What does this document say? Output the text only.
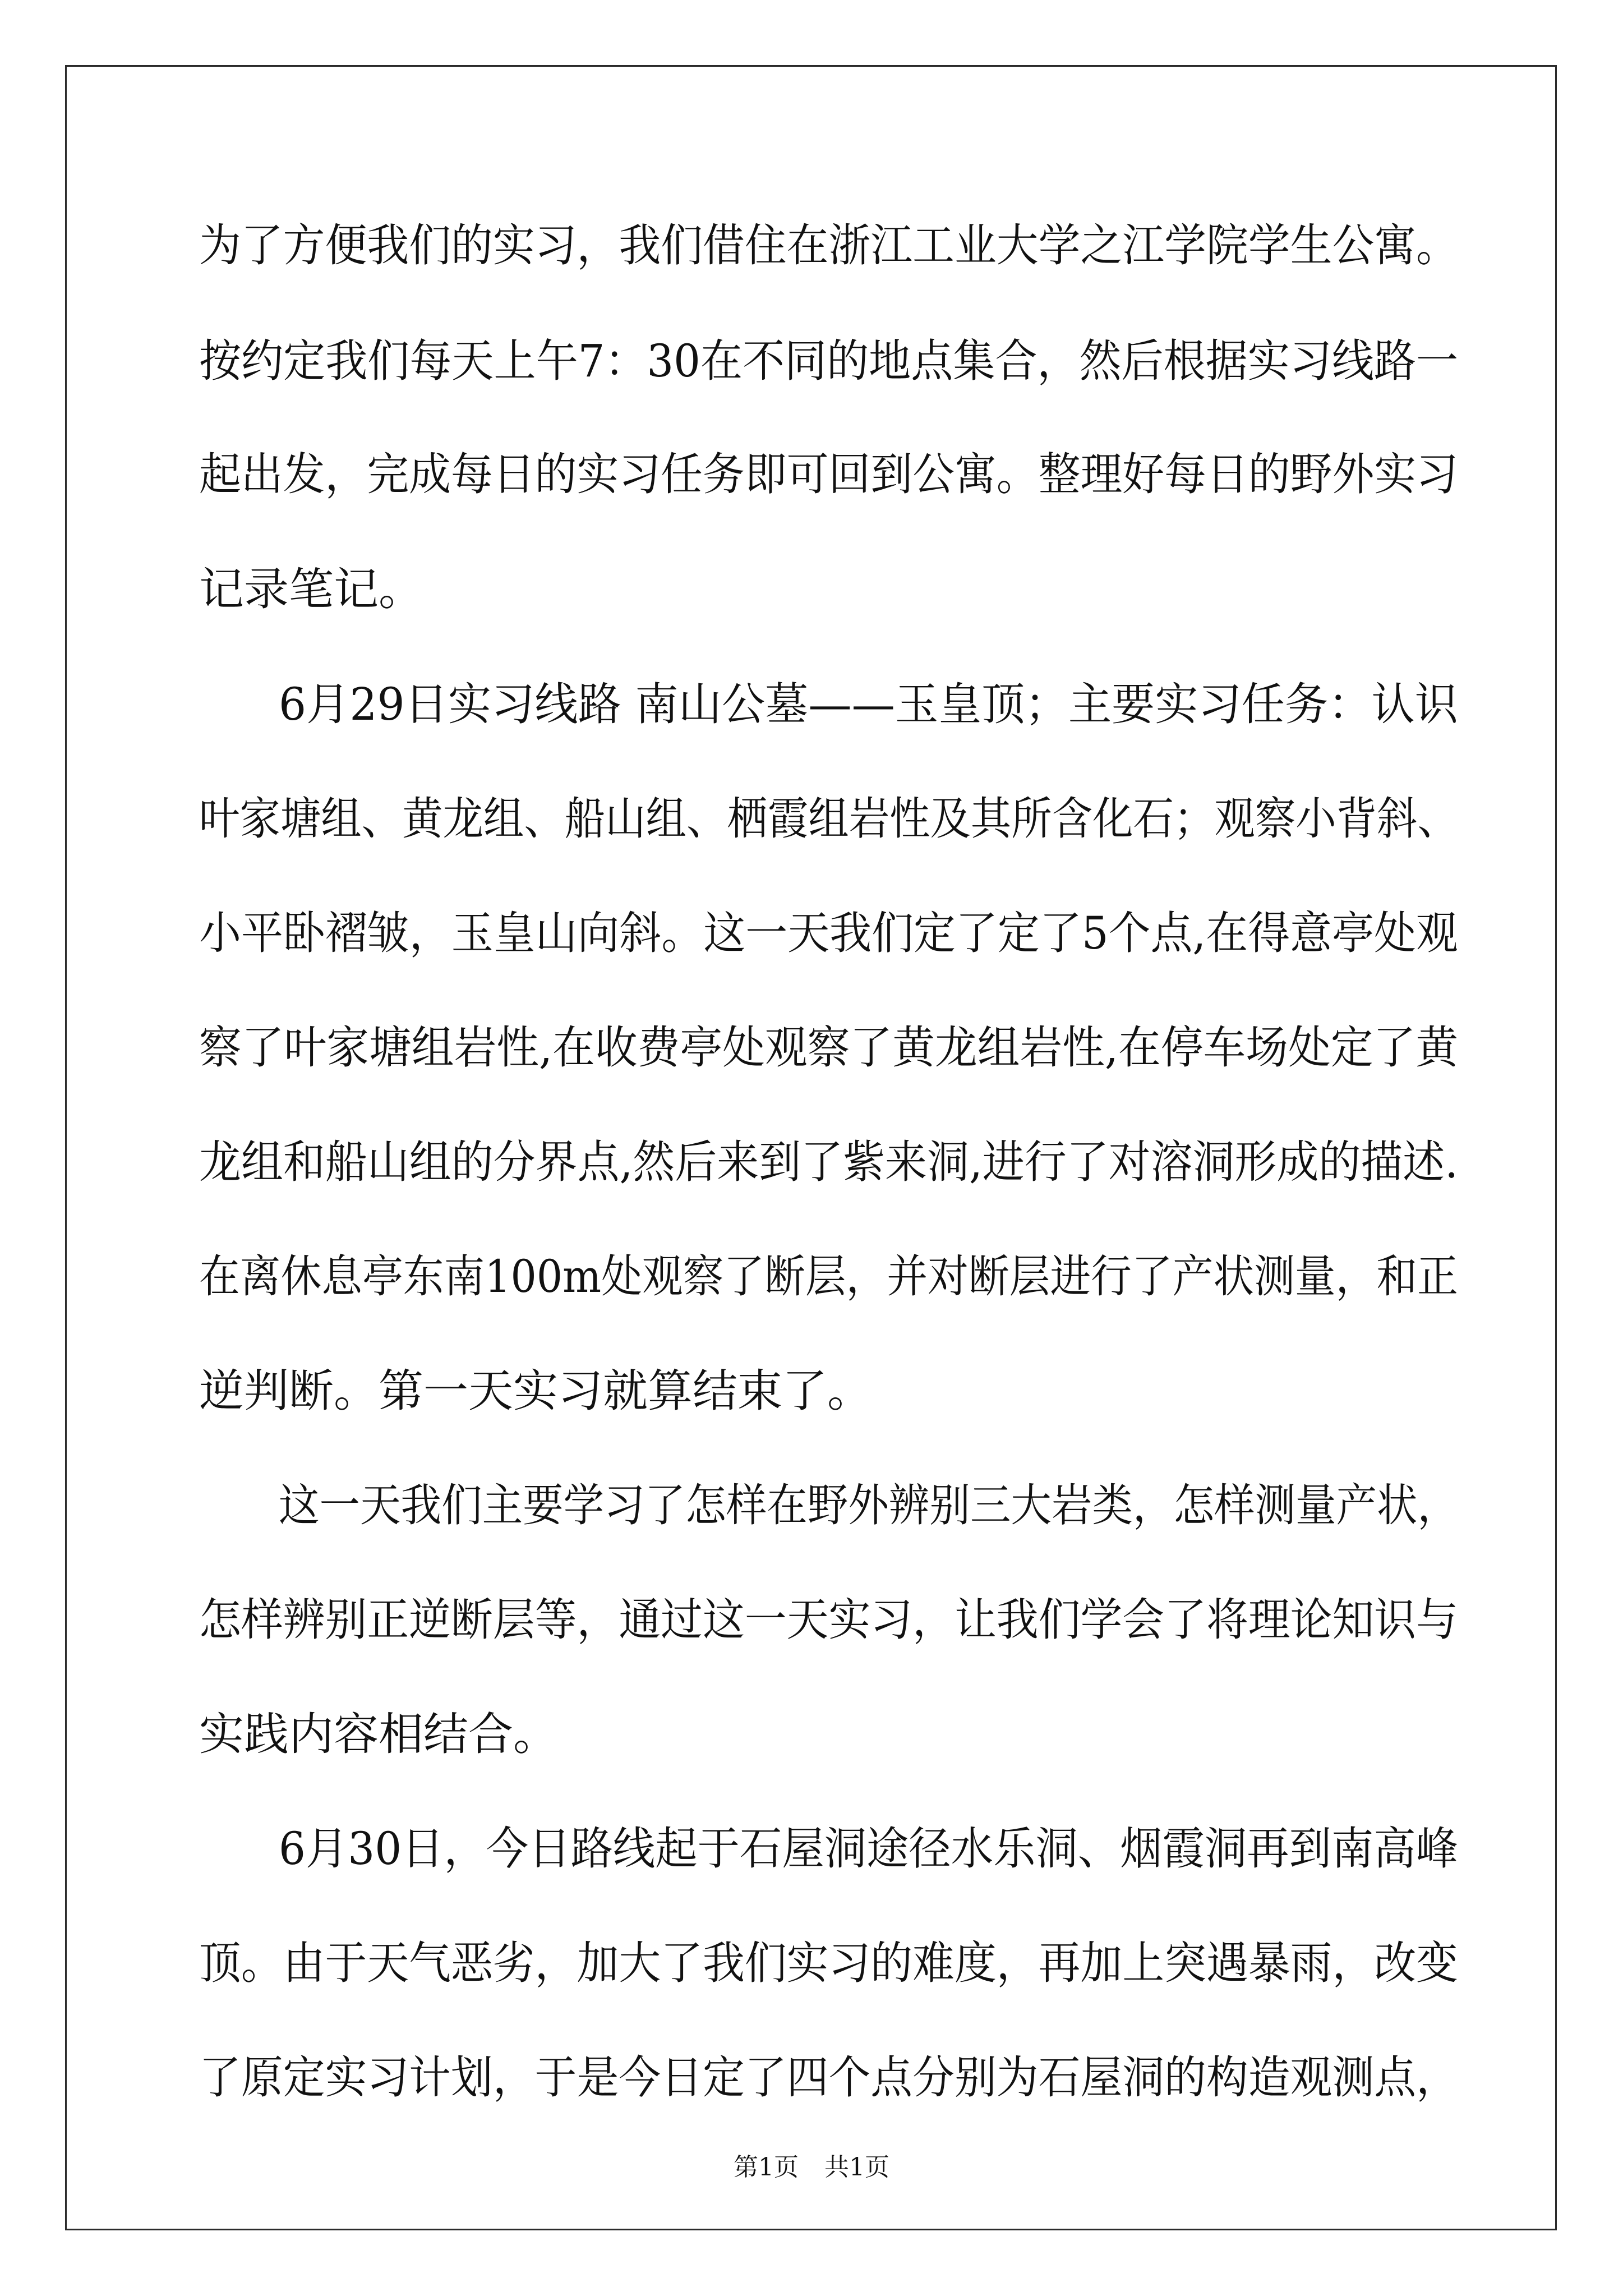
为了方便我们的实习，我们借住在浙江工业大学之江学院学生公寓。
按约定我们每天上午7：30在不同的地点集合，然后根据实习线路一
起出发，完成每日的实习任务即可回到公寓。整理好每日的野外实习
记录笔记。
6月29日实习线路 南山公墓——玉皇顶；主要实习任务：认识
叶家塘组、黄龙组、船山组、栖霞组岩性及其所含化石；观察小背斜、
小平卧褶皱，玉皇山向斜。这一天我们定了定了5个点,在得意亭处观
察了叶家塘组岩性,在收费亭处观察了黄龙组岩性,在停车场处定了黄
龙组和船山组的分界点,然后来到了紫来洞,进行了对溶洞形成的描述.
在离休息亭东南100m处观察了断层，并对断层进行了产状测量，和正
逆判断。第一天实习就算结束了。
这一天我们主要学习了怎样在野外辨别三大岩类，怎样测量产状，
怎样辨别正逆断层等，通过这一天实习，让我们学会了将理论知识与
实践内容相结合。
6月30日，今日路线起于石屋洞途径水乐洞、烟霞洞再到南高峰
顶。由于天气恶劣，加大了我们实习的难度，再加上突遇暴雨，改变
了原定实习计划，于是今日定了四个点分别为石屋洞的构造观测点，
第1页 共1页
